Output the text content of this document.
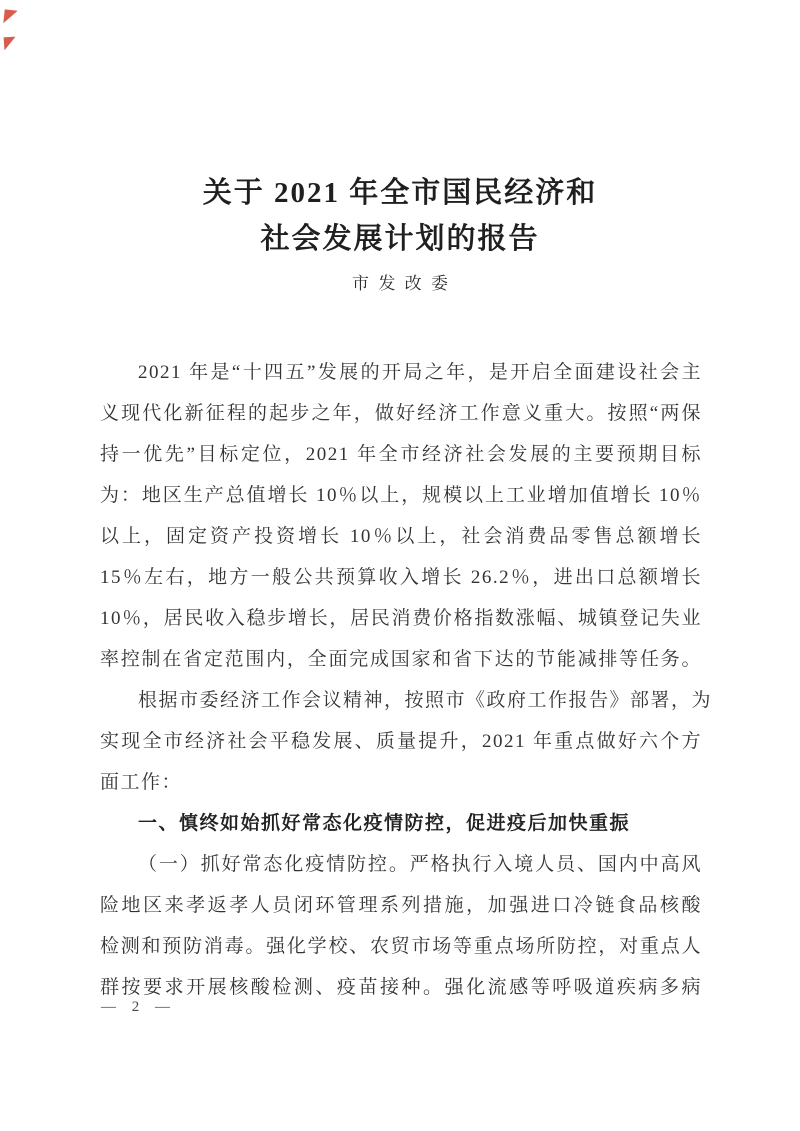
关于 2021 年全市国民经济和
社会发展计划的报告
市发改委
2021 年是“十四五”发展的开局之年，是开启全面建设社会主
义现代化新征程的起步之年，做好经济工作意义重大。按照“两保
持一优先”目标定位，2021 年全市经济社会发展的主要预期目标
为：地区生产总值增长 10％以上，规模以上工业增加值增长 10％
以上，固定资产投资增长 10％以上，社会消费品零售总额增长
15％左右，地方一般公共预算收入增长 26.2％，进出口总额增长
10％，居民收入稳步增长，居民消费价格指数涨幅、城镇登记失业
率控制在省定范围内，全面完成国家和省下达的节能减排等任务。
根据市委经济工作会议精神，按照市《政府工作报告》部署，为
实现全市经济社会平稳发展、质量提升，2021 年重点做好六个方
面工作：
一、慎终如始抓好常态化疫情防控，促进疫后加快重振
（一）抓好常态化疫情防控。严格执行入境人员、国内中高风
险地区来孝返孝人员闭环管理系列措施，加强进口冷链食品核酸
检测和预防消毒。强化学校、农贸市场等重点场所防控，对重点人
群按要求开展核酸检测、疫苗接种。强化流感等呼吸道疾病多病
— 2 —
